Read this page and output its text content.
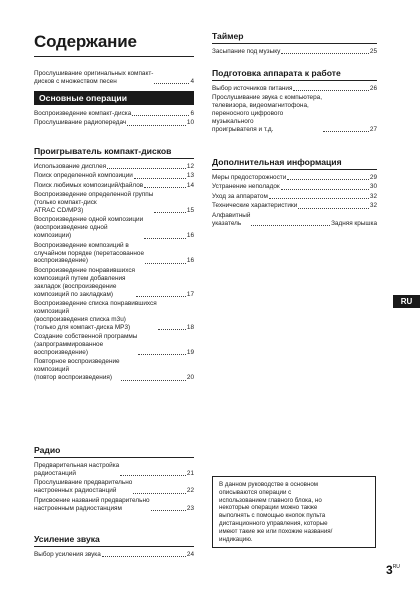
Содержание
Прослушивание оригинальных компакт-
дисков с множеством песен	4
Основные операции
Воспроизведение компакт-диска	6
Прослушивание радиопередач	10
Проигрыватель компакт-дисков
Использование дисплея	12
Поиск определенной композиции	13
Поиск любимых композиций/файлов	14
Воспроизведение определенной группы
(только компакт-диск
ATRAC CD/MP3)	15
Воспроизведение одной композиции
(воспроизведение одной
композиции)	16
Воспроизведение композиций в
случайном порядке (перетасованное
воспроизведение)	16
Воспроизведение понравившихся
композиций путем добавления
закладок (воспроизведение
композиций по закладкам)	17
Воспроизведение списка понравившихся
композиций
(воспроизведения списка m3u)
(только для компакт-диска MP3)	18
Создание собственной программы
(запрограммированное
воспроизведение)	19
Повторное воспроизведение
композиций
(повтор воспроизведения)	20
Радио
Предварительная настройка
радиостанций	21
Прослушивание предварительно
настроенных радиостанций	22
Присвоение названий предварительно
настроенным радиостанциям	23
Усиление звука
Выбор усиления звука	24
Таймер
Засыпание под музыку	25
Подготовка аппарата к работе
Выбор источников питания	26
Прослушивание звука с компьютера,
телевизора, видеомагнитофона,
переносного цифрового
музыкального
проигрывателя и т.д.	27
Дополнительная информация
Меры предосторожности	29
Устранение неполадок	30
Уход за аппаратом	32
Технические характеристики	32
Алфавитный
указатель	Задняя крышка
RU
В данном руководстве в основном
описываются операции с
использованием главного блока, но
некоторые операции можно также
выполнять с помощью кнопок пульта
дистанционного управления, которые
имеют такие же или похожие названия/
индикацию.
$3^{RU}$
